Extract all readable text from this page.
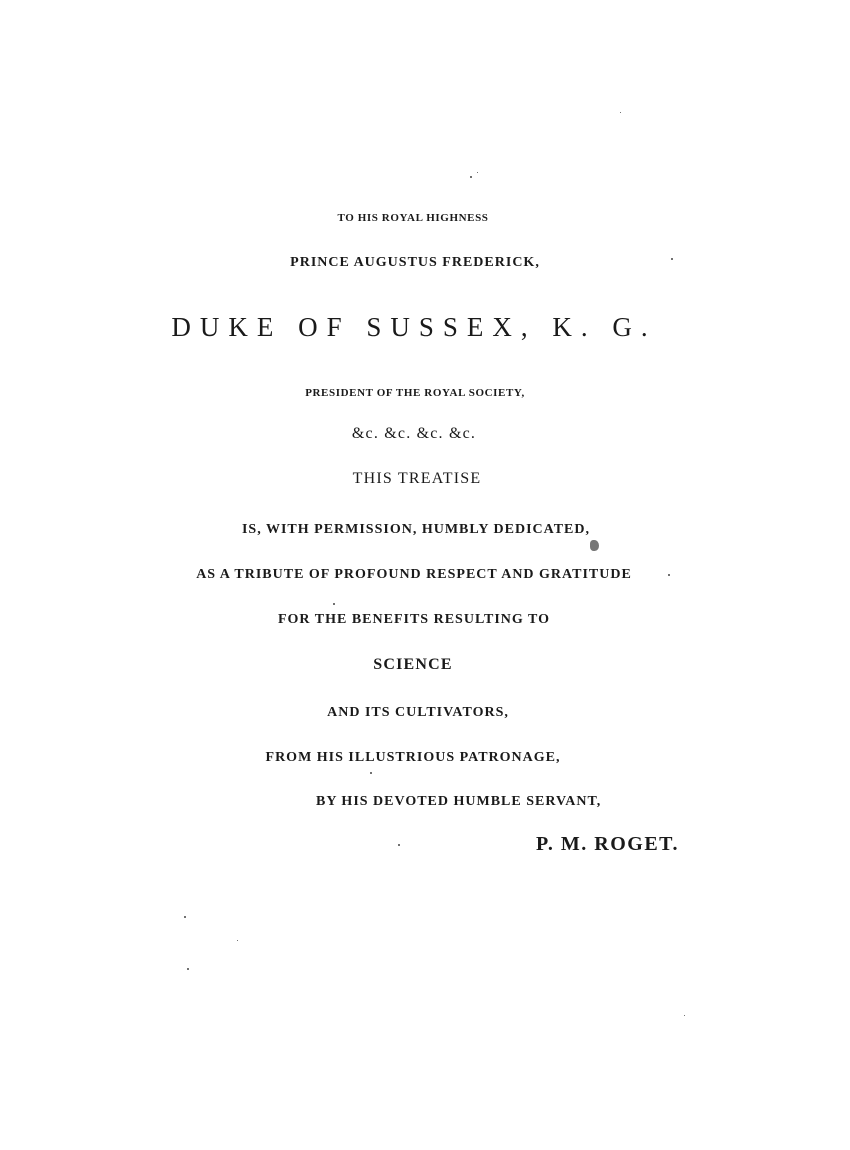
TO HIS ROYAL HIGHNESS
PRINCE AUGUSTUS FREDERICK,
DUKE OF SUSSEX, K. G.
PRESIDENT OF THE ROYAL SOCIETY,
&c. &c. &c. &c.
THIS TREATISE
IS, WITH PERMISSION, HUMBLY DEDICATED,
AS A TRIBUTE OF PROFOUND RESPECT AND GRATITUDE
FOR THE BENEFITS RESULTING TO
SCIENCE
AND ITS CULTIVATORS,
FROM HIS ILLUSTRIOUS PATRONAGE,
BY HIS DEVOTED HUMBLE SERVANT,
P. M. ROGET.
